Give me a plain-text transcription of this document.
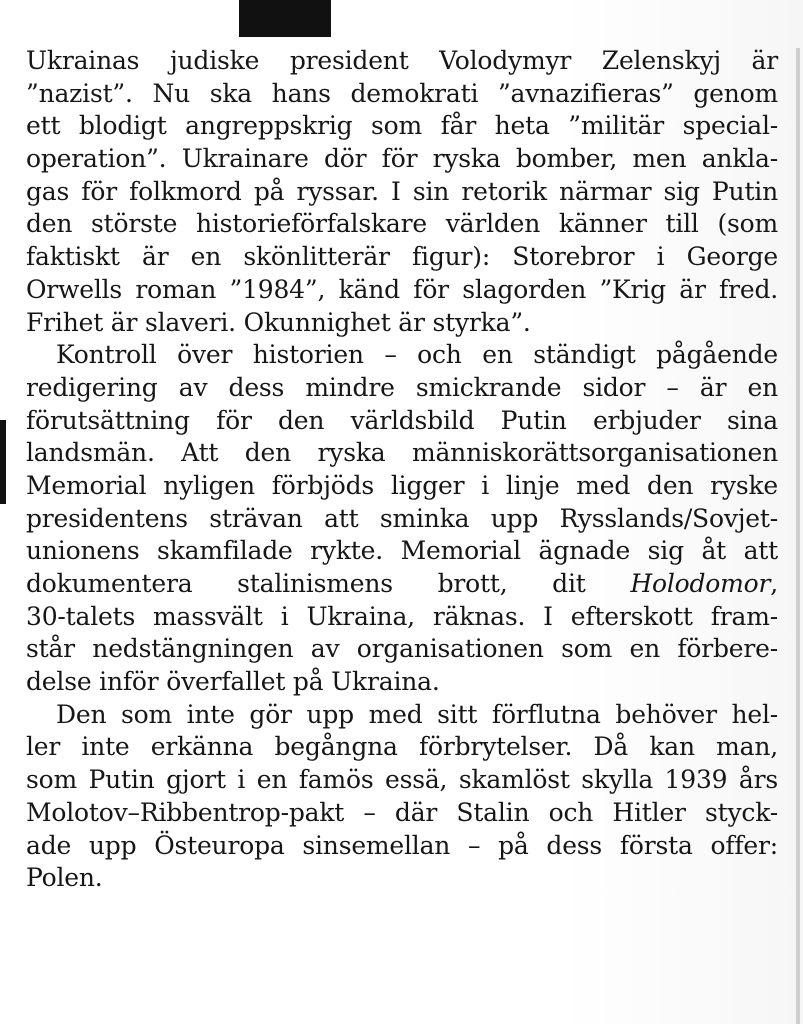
Ukrainas judiske president Volodymyr Zelenskyj är
”nazist”. Nu ska hans demokrati ”avnazifieras” genom
ett blodigt angreppskrig som får heta ”militär special-
operation”. Ukrainare dör för ryska bomber, men ankla-
gas för folkmord på ryssar. I sin retorik närmar sig Putin
den störste historieförfalskare världen känner till (som
faktiskt är en skönlitterär figur): Storebror i George
Orwells roman ”1984”, känd för slagorden ”Krig är fred.
Frihet är slaveri. Okunnighet är styrka”.
Kontroll över historien – och en ständigt pågående
redigering av dess mindre smickrande sidor – är en
förutsättning för den världsbild Putin erbjuder sina
landsmän. Att den ryska människorättsorganisationen
Memorial nyligen förbjöds ligger i linje med den ryske
presidentens strävan att sminka upp Rysslands/Sovjet-
unionens skamfilade rykte. Memorial ägnade sig åt att
dokumentera stalinismens brott, dit Holodomor,
30-talets massvält i Ukraina, räknas. I efterskott fram-
står nedstängningen av organisationen som en förbere-
delse inför överfallet på Ukraina.
Den som inte gör upp med sitt förflutna behöver hel-
ler inte erkänna begångna förbrytelser. Då kan man,
som Putin gjort i en famös essä, skamlöst skylla 1939 års
Molotov–Ribbentrop-pakt – där Stalin och Hitler styck-
ade upp Östeuropa sinsemellan – på dess första offer:
Polen.
